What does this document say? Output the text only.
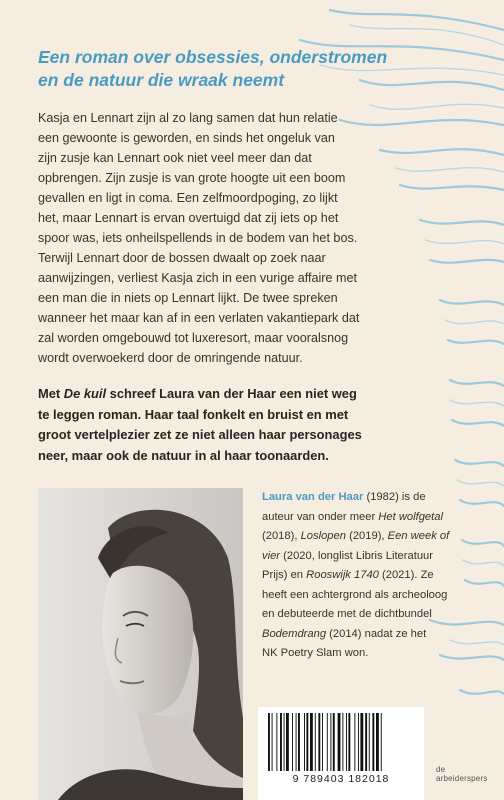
Een roman over obsessies, onderstromen
en de natuur die wraak neemt
Kasja en Lennart zijn al zo lang samen dat hun relatie
een gewoonte is geworden, en sinds het ongeluk van
zijn zusje kan Lennart ook niet veel meer dan dat
opbrengen. Zijn zusje is van grote hoogte uit een boom
gevallen en ligt in coma. Een zelfmoordpoging, zo lijkt
het, maar Lennart is ervan overtuigd dat zij iets op het
spoor was, iets onheilspellends in de bodem van het bos.
Terwijl Lennart door de bossen dwaalt op zoek naar
aanwijzingen, verliest Kasja zich in een vurige affaire met
een man die in niets op Lennart lijkt. De twee spreken
wanneer het maar kan af in een verlaten vakantiepark dat
zal worden omgebouwd tot luxeresort, maar vooralsnog
wordt overwoekerd door de omringende natuur.
Met De kuil schreef Laura van der Haar een niet weg
te leggen roman. Haar taal fonkelt en bruist en met
groot vertelplezier zet ze niet alleen haar personages
neer, maar ook de natuur in al haar toonaarden.
Laura van der Haar (1982) is de
auteur van onder meer Het wolfgetal
(2018), Loslopen (2019), Een week of
vier (2020, longlist Libris Literatuur
Prijs) en Rooswijk 1740 (2021). Ze
heeft een achtergrond als archeoloog
en debuteerde met de dichtbundel
Bodemdrang (2014) nadat ze het
NK Poetry Slam won.
9 789403 182018
de arbeiderspers
